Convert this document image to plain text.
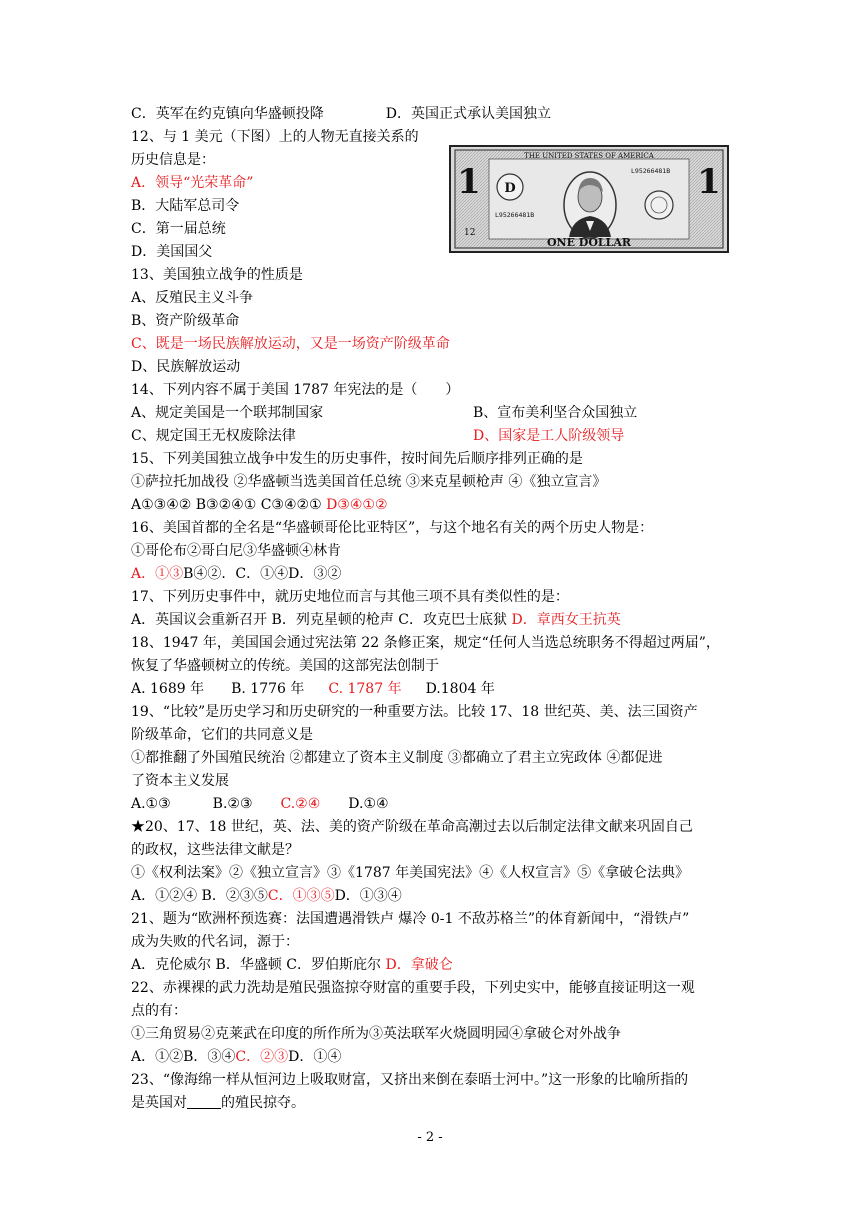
C．英军在约克镇向华盛顿投降	D．英国正式承认美国独立
12、与 1 美元（下图）上的人物无直接关系的
历史信息是：
A．领导“光荣革命”
B．大陆军总司令
C．第一届总统
D．美国国父
THE UNITED STATES OF AMERICA
1	1
D
L95266481B
L95266481B
12
ONE DOLLAR
13、美国独立战争的性质是
A、反殖民主义斗争
B、资产阶级革命
C、既是一场民族解放运动，又是一场资产阶级革命
D、民族解放运动
14、下列内容不属于美国 1787 年宪法的是（　　）
A、规定美国是一个联邦制国家	B、宣布美利坚合众国独立
C、规定国王无权废除法律	D、国家是工人阶级领导
15、下列美国独立战争中发生的历史事件，按时间先后顺序排列正确的是
①萨拉托加战役 ②华盛顿当选美国首任总统 ③来克星顿枪声 ④《独立宣言》
A①③④② B③②④① C③④②① D③④①②
16、美国首都的全名是“华盛顿哥伦比亚特区”，与这个地名有关的两个历史人物是：
①哥伦布②哥白尼③华盛顿④林肯
A．①③B④②．C．①④D．③②
17、下列历史事件中，就历史地位而言与其他三项不具有类似性的是：
A．英国议会重新召开 B．列克星顿的枪声 C．攻克巴士底狱 D．章西女王抗英
18、1947 年，美国国会通过宪法第 22 条修正案，规定“任何人当选总统职务不得超过两届”，
恢复了华盛顿树立的传统。美国的这部宪法创制于
A. 1689 年 B. 1776 年 C. 1787 年 D.1804 年
19、“比较”是历史学习和历史研究的一种重要方法。比较 17、18 世纪英、美、法三国资产
阶级革命，它们的共同意义是
①都推翻了外国殖民统治 ②都建立了资本主义制度 ③都确立了君主立宪政体 ④都促进
了资本主义发展
A.①③	B.②③ C.②④ D.①④
★20、17、18 世纪，英、法、美的资产阶级在革命高潮过去以后制定法律文献来巩固自己
的政权，这些法律文献是？
①《权利法案》②《独立宣言》③《1787 年美国宪法》④《人权宣言》⑤《拿破仑法典》
A．①②④ B．②③⑤C．①③⑤D．①③④
21、题为“欧洲杯预选赛：法国遭遇滑铁卢 爆冷 0-1 不敌苏格兰”的体育新闻中，“滑铁卢”
成为失败的代名词，源于：
A．克伦威尔 B．华盛顿 C．罗伯斯庇尔 D．拿破仑
22、赤裸裸的武力洗劫是殖民强盗掠夺财富的重要手段，下列史实中，能够直接证明这一观
点的有：
①三角贸易②克莱武在印度的所作所为③英法联军火烧圆明园④拿破仑对外战争
A．①②B．③④C．②③D．①④
23、“像海绵一样从恒河边上吸取财富，又挤出来倒在泰晤士河中。”这一形象的比喻所指的
是英国对 的殖民掠夺。
- 2 -
